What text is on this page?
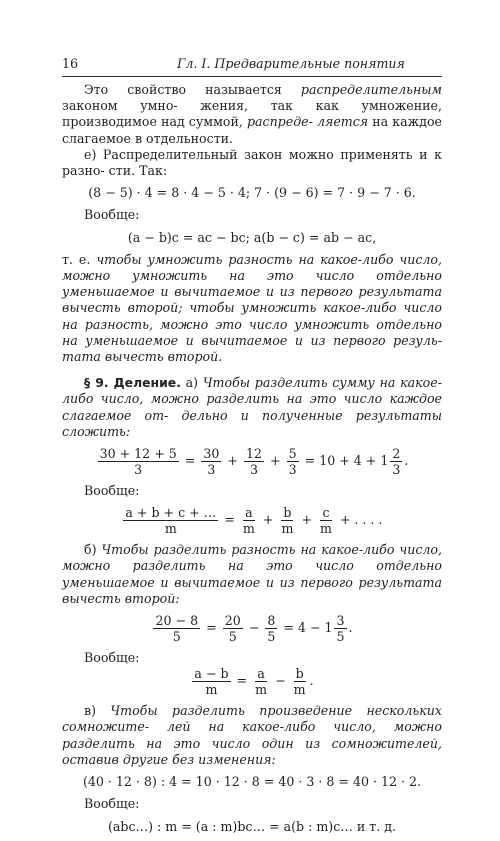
16	Гл. I. Предварительные понятия

Это свойство называется распределительным законом умно- жения, так как умножение, производимое над суммой, распреде- ляется на каждое слагаемое в отдельности.

е) Распределительный закон можно применять и к разно- сти. Так:

(8 − 5) · 4 = 8 · 4 − 5 · 4; 7 · (9 − 6) = 7 · 9 − 7 · 6.

Вообще:

(a − b)c = ac − bc; a(b − c) = ab − ac,

т. е. чтобы умножить разность на какое-либо число, можно умножить на это число отдельно уменьшаемое и вычитаемое и из первого результата вычесть второй; чтобы умножить какое-либо число на разность, можно это число умножить отдельно на уменьшаемое и вычитаемое и из первого резуль- тата вычесть второй.

§ 9. Деление. а) Чтобы разделить сумму на какое-либо число, можно разделить на это число каждое слагаемое от- дельно и полученные результаты сложить:

$\frac{30 + 12 + 5}{3} = \frac{30}{3} + \frac{12}{3} + \frac{5}{3} = 10 + 4 + 1 \frac{2}{3}$ .

Вообще:

$\frac{a + b + c + \dots}{m} = \frac{a}{m} + \frac{b}{m} + \frac{c}{m}$ + . . . .

б) Чтобы разделить разность на какое-либо число, можно разделить на это число отдельно уменьшаемое и вычитаемое и из первого результата вычесть второй:

$\frac{20 - 8}{5} = \frac{20}{5} - \frac{8}{5} = 4 - 1 \frac{3}{5}$ .

Вообще:

$\frac{a - b}{m} = \frac{a}{m} - \frac{b}{m}$ .

в) Чтобы разделить произведение нескольких сомножите- лей на какое-либо число, можно разделить на это число один из сомножителей, оставив другие без изменения:

(40 · 12 · 8) : 4 = 10 · 12 · 8 = 40 · 3 · 8 = 40 · 12 · 2.

Вообще:

(abc…) : m = (a : m)bc… = a(b : m)c… и т. д.
